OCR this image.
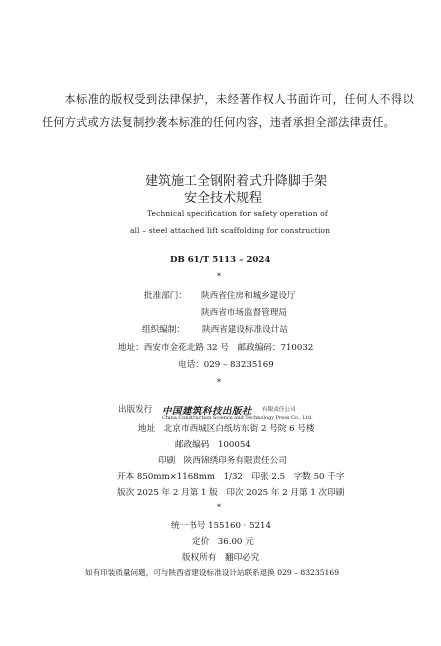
本标准的版权受到法律保护，未经著作权人书面许可，任何人不得以任何方式或方法复制抄袭本标准的任何内容，违者承担全部法律责任。

建筑施工全钢附着式升降脚手架
安全技术规程
Technical specification for safety operation of
all – steel attached lift scaffolding for construction
DB 61/T 5113 – 2024
*
批准部门： 陕西省住房和城乡建设厅
陕西省市场监督管理局
组织编制： 陕西省建设标准设计站
地址：西安市金花北路 32 号　邮政编码：710032
电话：029 – 83235169
*
出版发行 中国建筑科技出版社 有限责任公司
China Construction Science and Technology Press Co., Ltd.
地址　北京市西城区白纸坊东街 2 号院 6 号楼
邮政编码　100054
印刷　陕西锦绣印务有限责任公司
开本 850mm×1168mm　1/32　印张 2.5　字数 50 千字
版次 2025 年 2 月第 1 版　印次 2025 年 2 月第 1 次印刷
*
统一书号 155160 · 5214
定价　36.00 元
版权所有　翻印必究
如有印装质量问题，可与陕西省建设标准设计站联系退换 029 – 83235169
